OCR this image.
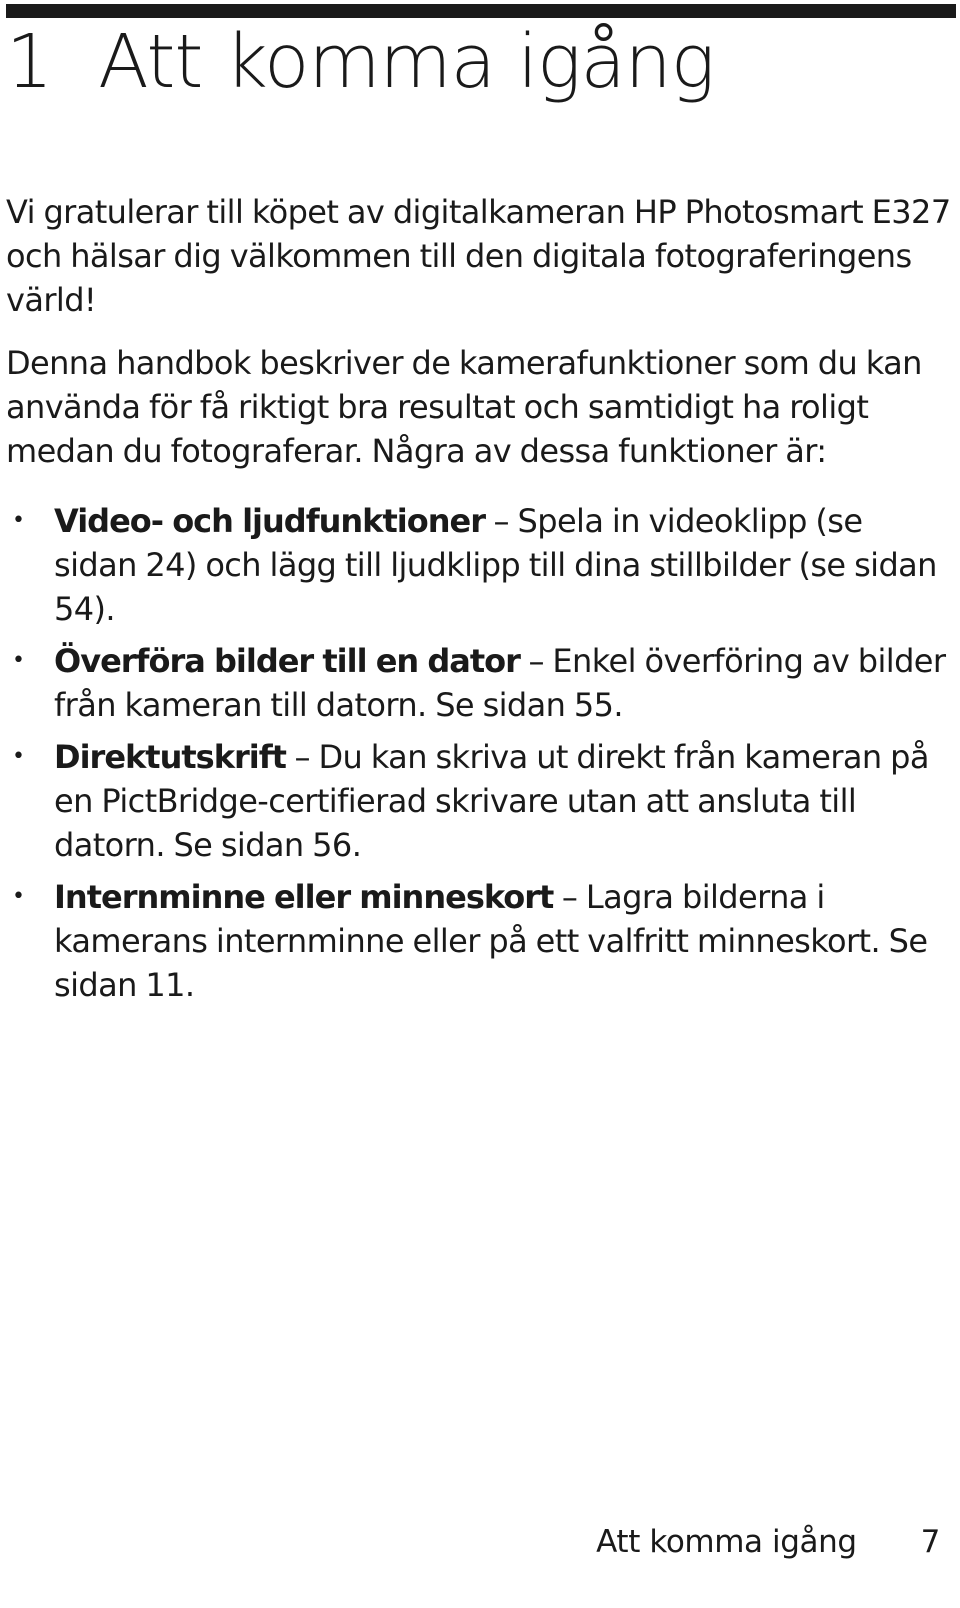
1 Att komma igång

Vi gratulerar till köpet av digitalkameran HP Photosmart E327 och hälsar dig välkommen till den digitala fotograferingens värld!

Denna handbok beskriver de kamerafunktioner som du kan använda för få riktigt bra resultat och samtidigt ha roligt medan du fotograferar. Några av dessa funktioner är:

• Video- och ljudfunktioner – Spela in videoklipp (se sidan 24) och lägg till ljudklipp till dina stillbilder (se sidan 54).
• Överföra bilder till en dator – Enkel överföring av bilder från kameran till datorn. Se sidan 55.
• Direktutskrift – Du kan skriva ut direkt från kameran på en PictBridge-certifierad skrivare utan att ansluta till datorn. Se sidan 56.
• Internminne eller minneskort – Lagra bilderna i kamerans internminne eller på ett valfritt minneskort. Se sidan 11.
Att komma igång 7
